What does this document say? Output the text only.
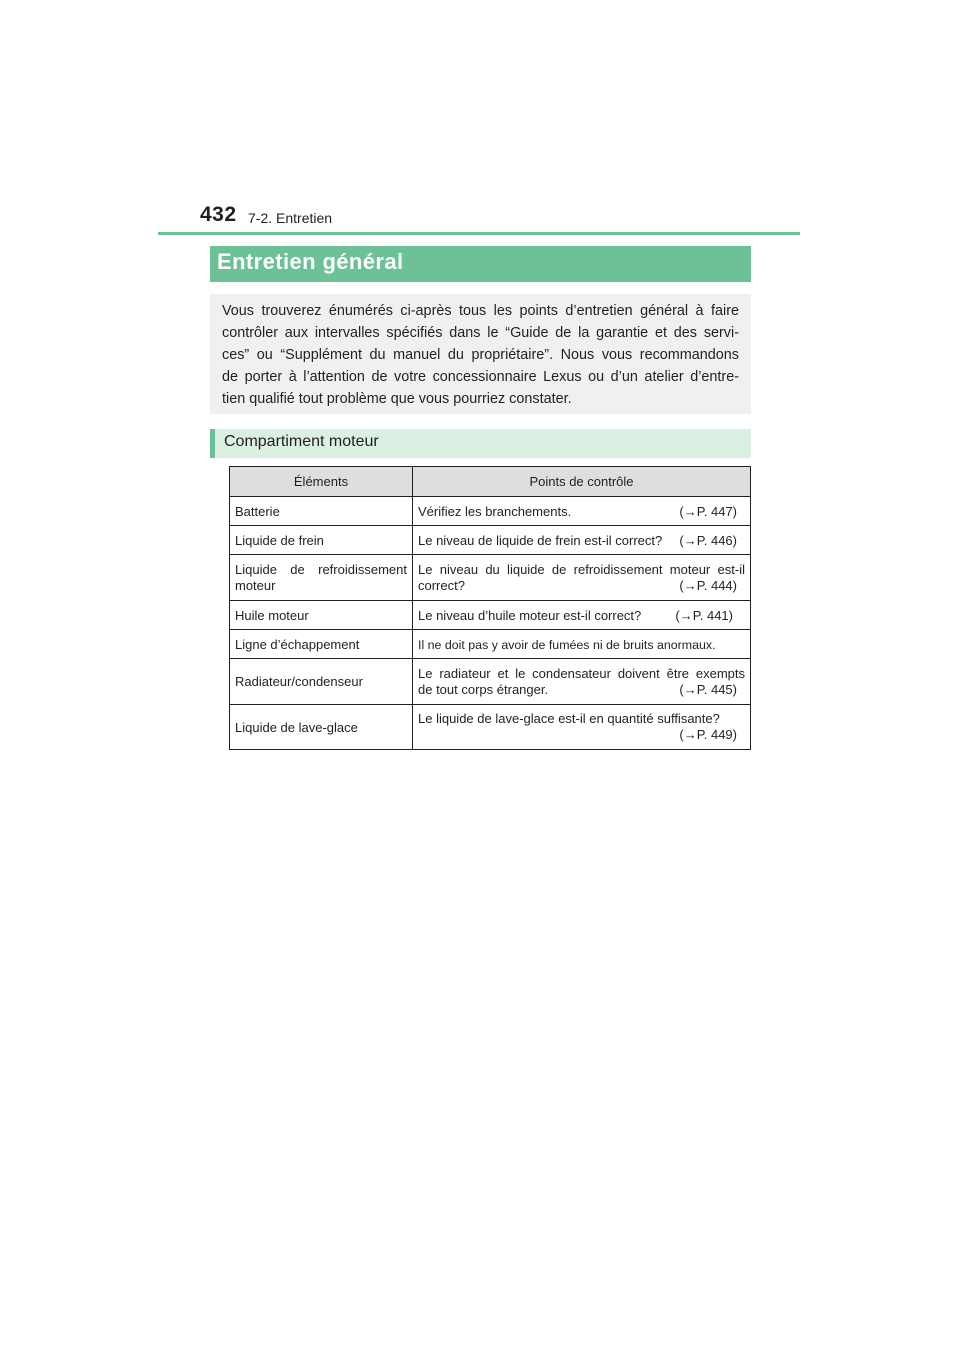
432 7-2. Entretien
Entretien général

Vous trouverez énumérés ci-après tous les points d’entretien général à faire

contrôler aux intervalles spécifiés dans le “Guide de la garantie et des servi-

ces” ou “Supplément du manuel du propriétaire”. Nous vous recommandons

de porter à l’attention de votre concessionnaire Lexus ou d’un atelier d’entre-

tien qualifié tout problème que vous pourriez constater.

Compartiment moteur
Éléments	Points de contrôle
Batterie	Vérifiez les branchements. (→P. 447)

Liquide de frein	Le niveau de liquide de frein est-il correct? (→P. 446)

Liquide de refroidissement
moteur	Le niveau du liquide de refroidissement moteur est-il
correct? (→P. 444)

Huile moteur	Le niveau d’huile moteur est-il correct? (→P. 441)

Ligne d’échappement	Il ne doit pas y avoir de fumées ni de bruits anormaux.
Radiateur/condenseur	Le radiateur et le condensateur doivent être exempts
de tout corps étranger. (→P. 445)

Liquide de lave-glace	Le liquide de lave-glace est-il en quantité suffisante?
(→P. 449)
